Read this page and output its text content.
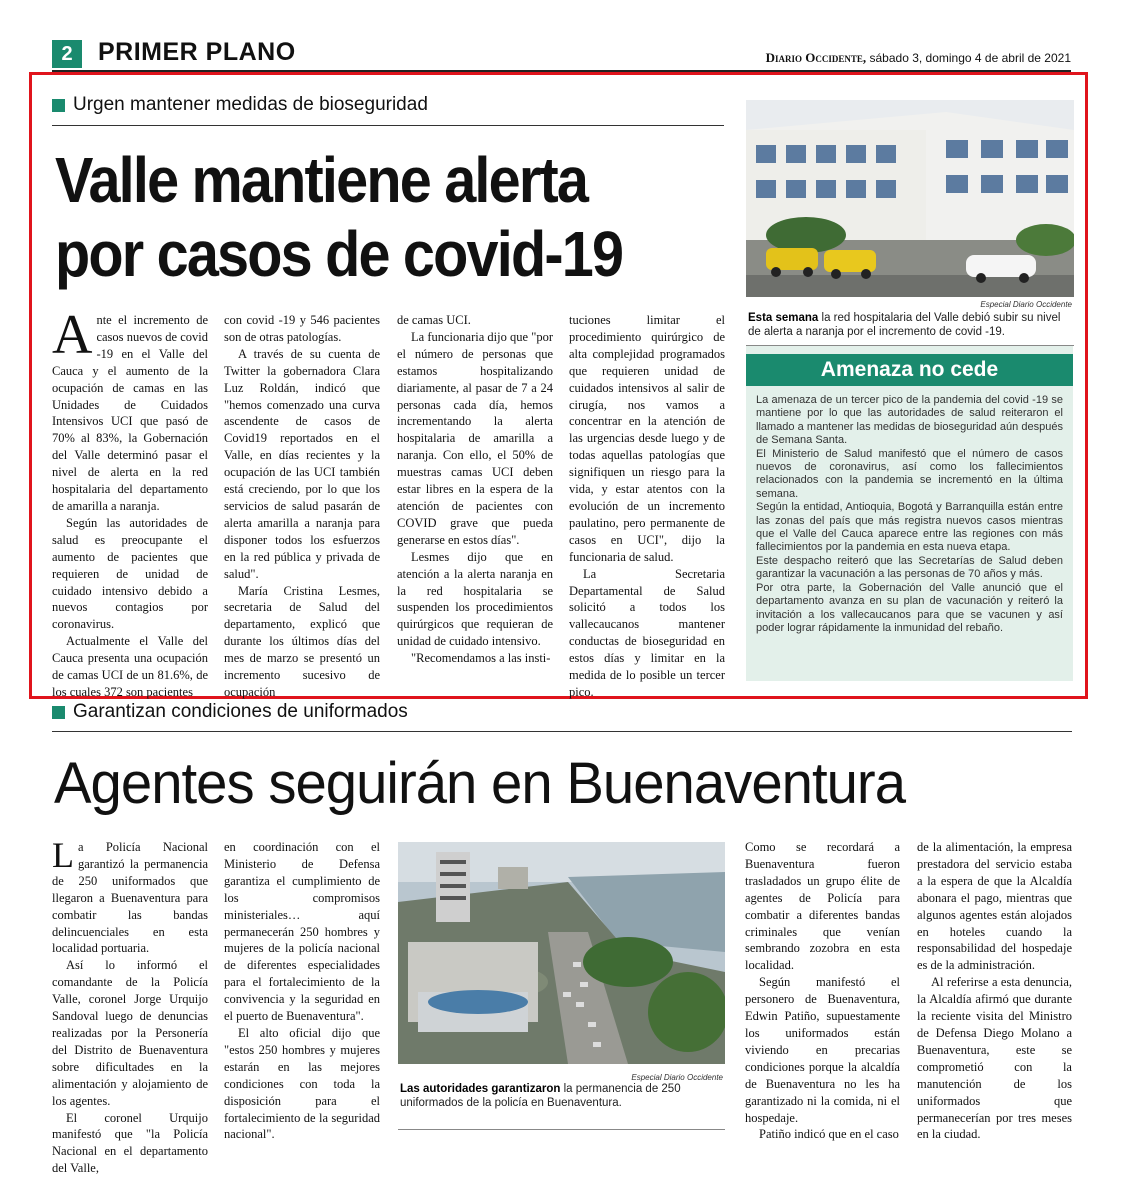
2	PRIMER PLANO	Diario Occidente, sábado 3, domingo 4 de abril de 2021
Urgen mantener medidas de bioseguridad
Valle mantiene alerta
por casos de covid-19

Ante el incremento de casos nuevos de covid -19 en el Valle del Cauca y el aumento de la ocupación de camas en las Unidades de Cuidados Intensivos UCI que pasó de 70% al 83%, la Gobernación del Valle determinó pasar el nivel de alerta en la red hospitalaria del departamento de amarilla a naranja.

Según las autoridades de salud es preocupante el aumento de pacientes que requieren de unidad de cuidado intensivo debido a nuevos contagios por coronavirus.

Actualmente el Valle del Cauca presenta una ocupación de camas UCI de un 81.6%, de los cuales 372 son pacientes

con covid -19 y 546 pacientes son de otras patologías.

A través de su cuenta de Twitter la gobernadora Clara Luz Roldán, indicó que "hemos comenzado una curva ascendente de casos de Covid19 reportados en el Valle, en días recientes y la ocupación de las UCI también está creciendo, por lo que los servicios de salud pasarán de alerta amarilla a naranja para disponer todos los esfuerzos en la red pública y privada de salud".

María Cristina Lesmes, secretaria de Salud del departamento, explicó que durante los últimos días del mes de marzo se presentó un incremento sucesivo de ocupación

de camas UCI.

La funcionaria dijo que "por el número de personas que estamos hospitalizando diariamente, al pasar de 7 a 24 personas cada día, hemos incrementando la alerta hospitalaria de amarilla a naranja. Con ello, el 50% de muestras camas UCI deben estar libres en la espera de la atención de pacientes con COVID grave que pueda generarse en estos días".

Lesmes dijo que en atención a la alerta naranja en la red hospitalaria se suspenden los procedimientos quirúrgicos que requieran de unidad de cuidado intensivo.

"Recomendamos a las insti-

tuciones limitar el procedimiento quirúrgico de alta complejidad programados que requieren unidad de cuidados intensivos al salir de cirugía, nos vamos a concentrar en la atención de las urgencias desde luego y de todas aquellas patologías que signifiquen un riesgo para la vida, y estar atentos con la evolución de un incremento paulatino, pero permanente de casos en UCI", dijo la funcionaria de salud.

La Secretaria Departamental de Salud solicitó a todos los vallecaucanos mantener conductas de bioseguridad en estos días y limitar en la medida de lo posible un tercer pico.

Especial Diario Occidente
Esta semana la red hospitalaria del Valle debió subir su nivel de alerta a naranja por el incremento de covid -19.
Amenaza no cede

La amenaza de un tercer pico de la pandemia del covid -19 se mantiene por lo que las autoridades de salud reiteraron el llamado a mantener las medidas de bioseguridad aún después de Semana Santa.

El Ministerio de Salud manifestó que el número de casos nuevos de coronavirus, así como los fallecimientos relacionados con la pandemia se incrementó en la última semana.

Según la entidad, Antioquia, Bogotá y Barranquilla están entre las zonas del país que más registra nuevos casos mientras que el Valle del Cauca aparece entre las regiones con más fallecimientos por la pandemia en esta nueva etapa.

Este despacho reiteró que las Secretarías de Salud deben garantizar la vacunación a las personas de 70 años y más.

Por otra parte, la Gobernación del Valle anunció que el departamento avanza en su plan de vacunación y reiteró la invitación a los vallecaucanos para que se vacunen y así poder lograr rápidamente la inmunidad del rebaño.

Garantizan condiciones de uniformados
Agentes seguirán en Buenaventura

La Policía Nacional garantizó la permanencia de 250 uniformados que llegaron a Buenaventura para combatir las bandas delincuenciales en esta localidad portuaria.

Así lo informó el comandante de la Policía Valle, coronel Jorge Urquijo Sandoval luego de denuncias realizadas por la Personería del Distrito de Buenaventura sobre dificultades en la alimentación y alojamiento de los agentes.

El coronel Urquijo manifestó que "la Policía Nacional en el departamento del Valle,

en coordinación con el Ministerio de Defensa garantiza el cumplimiento de los compromisos ministeriales… aquí permanecerán 250 hombres y mujeres de la policía nacional de diferentes especialidades para el fortalecimiento de la convivencia y la seguridad en el puerto de Buenaventura".

El alto oficial dijo que "estos 250 hombres y mujeres estarán en las mejores condiciones con toda la disposición para el fortalecimiento de la seguridad nacional".

Especial Diario Occidente
Las autoridades garantizaron la permanencia de 250 uniformados de la policía en Buenaventura.

Como se recordará a Buenaventura fueron trasladados un grupo élite de agentes de Policía para combatir a diferentes bandas criminales que venían sembrando zozobra en esta localidad.

Según manifestó el personero de Buenaventura, Edwin Patiño, supuestamente los uniformados están viviendo en precarias condiciones porque la alcaldía de Buenaventura no les ha garantizado ni la comida, ni el hospedaje.

Patiño indicó que en el caso

de la alimentación, la empresa prestadora del servicio estaba a la espera de que la Alcaldía abonara el pago, mientras que algunos agentes están alojados en hoteles cuando la responsabilidad del hospedaje es de la administración.

Al referirse a esta denuncia, la Alcaldía afirmó que durante la reciente visita del Ministro de Defensa Diego Molano a Buenaventura, este se comprometió con la manutención de los uniformados que permanecerían por tres meses en la ciudad.
